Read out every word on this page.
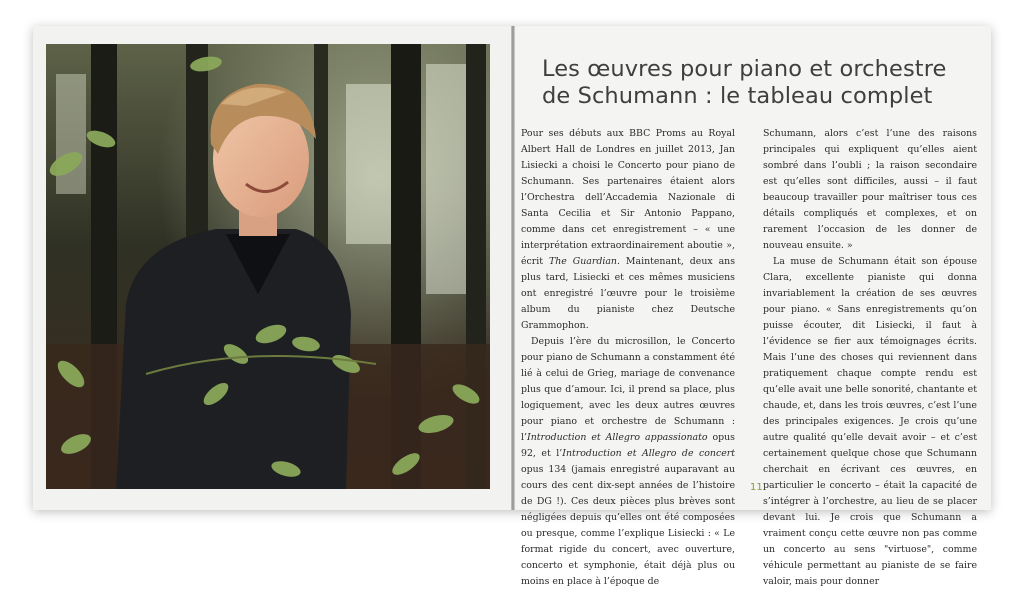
Les œuvres pour piano et orchestre
de Schumann : le tableau complet

Pour ses débuts aux BBC Proms au Royal Albert Hall de Londres en juillet 2013, Jan Lisiecki a choisi le Concerto pour piano de Schumann. Ses partenaires étaient alors l’Orchestra dell’Accademia Nazionale di Santa Cecilia et Sir Antonio Pappano, comme dans cet enregistrement – « une interprétation extraordinairement aboutie », écrit The Guardian. Maintenant, deux ans plus tard, Lisiecki et ces mêmes musiciens ont enregistré l’œuvre pour le troisième album du pianiste chez Deutsche Grammophon.

Depuis l’ère du microsillon, le Concerto pour piano de Schumann a constamment été lié à celui de Grieg, mariage de convenance plus que d’amour. Ici, il prend sa place, plus logiquement, avec les deux autres œuvres pour piano et orchestre de Schumann : l’Introduction et Allegro appassionato opus 92, et l’Introduction et Allegro de concert opus 134 (jamais enregistré auparavant au cours des cent dix-sept années de l’histoire de DG !). Ces deux pièces plus brèves sont négligées depuis qu’elles ont été composées ou presque, comme l’explique Lisiecki : « Le format rigide du concert, avec ouverture, concerto et symphonie, était déjà plus ou moins en place à l’époque de

Schumann, alors c’est l’une des raisons principales qui expliquent qu’elles aient sombré dans l’oubli ; la raison secondaire est qu’elles sont difficiles, aussi – il faut beaucoup travailler pour maîtriser tous ces détails compliqués et complexes, et on rarement l’occasion de les donner de nouveau ensuite. »

La muse de Schumann était son épouse Clara, excellente pianiste qui donna invariablement la création de ses œuvres pour piano. « Sans enregistrements qu’on puisse écouter, dit Lisiecki, il faut à l’évidence se fier aux témoignages écrits. Mais l’une des choses qui reviennent dans pratiquement chaque compte rendu est qu’elle avait une belle sonorité, chantante et chaude, et, dans les trois œuvres, c’est l’une des principales exigences. Je crois qu’une autre qualité qu’elle devait avoir – et c’est certainement quelque chose que Schumann cherchait en écrivant ces œuvres, en particulier le concerto – était la capacité de s’intégrer à l’orchestre, au lieu de se placer devant lui. Je crois que Schumann a vraiment conçu cette œuvre non pas comme un concerto au sens "virtuose", comme véhicule permettant au pianiste de se faire valoir, mais pour donner

11
